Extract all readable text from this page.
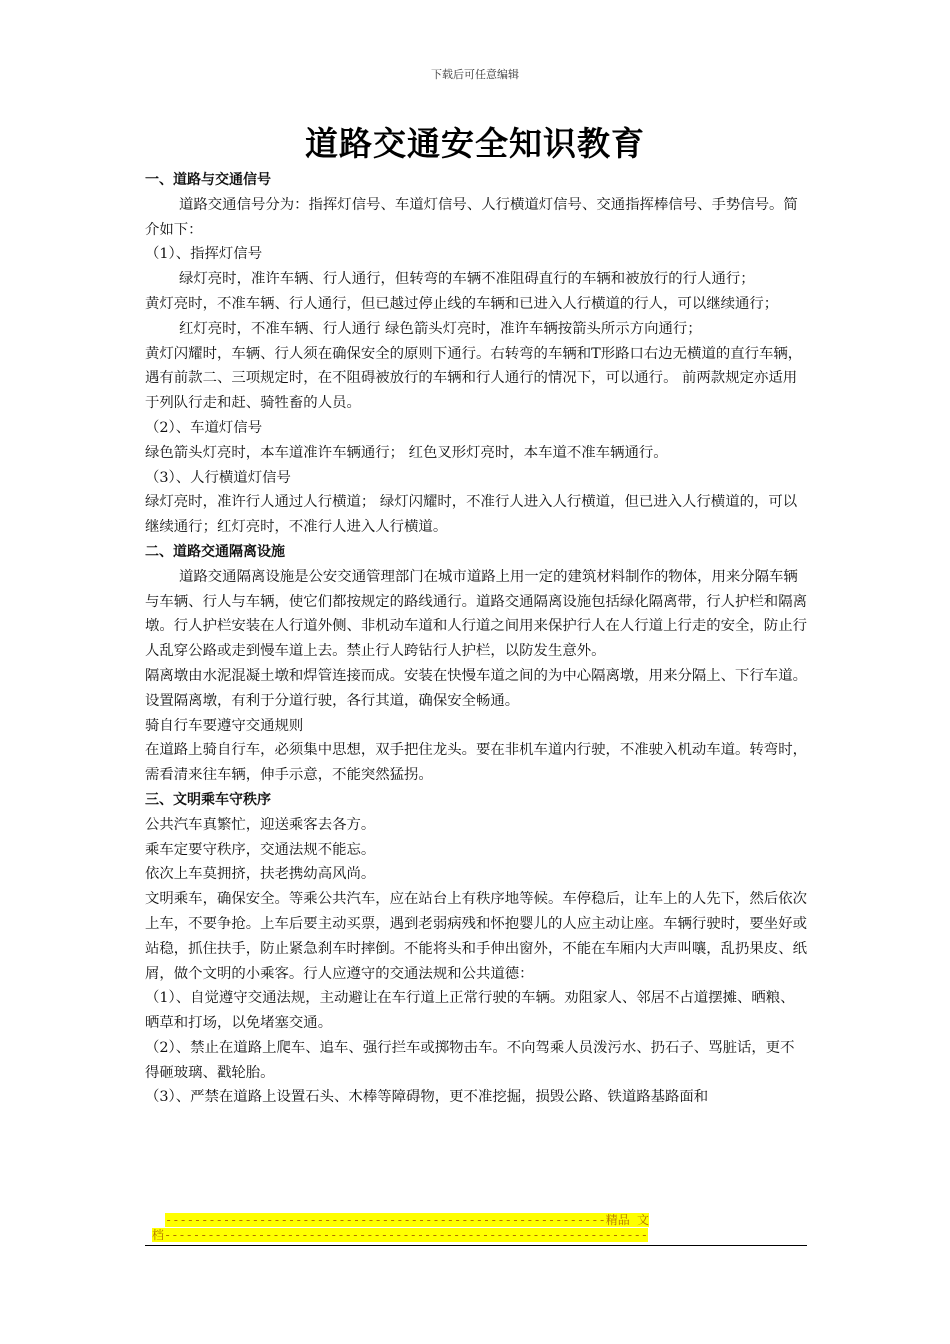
下载后可任意编辑
道路交通安全知识教育

一、道路与交通信号

道路交通信号分为：指挥灯信号、车道灯信号、人行横道灯信号、交通指挥棒信号、手势信号。简介如下：

（1）、指挥灯信号

绿灯亮时，准许车辆、行人通行，但转弯的车辆不准阻碍直行的车辆和被放行的行人通行；

黄灯亮时，不准车辆、行人通行，但已越过停止线的车辆和已进入人行横道的行人，可以继续通行；

红灯亮时，不准车辆、行人通行 绿色箭头灯亮时，准许车辆按箭头所示方向通行；

黄灯闪耀时，车辆、行人须在确保安全的原则下通行。右转弯的车辆和T形路口右边无横道的直行车辆，遇有前款二、三项规定时，在不阻碍被放行的车辆和行人通行的情况下，可以通行。 前两款规定亦适用于列队行走和赶、骑牲畜的人员。

（2）、车道灯信号

绿色箭头灯亮时，本车道准许车辆通行； 红色叉形灯亮时，本车道不准车辆通行。

（3）、人行横道灯信号

绿灯亮时，准许行人通过人行横道； 绿灯闪耀时，不准行人进入人行横道，但已进入人行横道的，可以继续通行；红灯亮时，不准行人进入人行横道。

二、道路交通隔离设施

道路交通隔离设施是公安交通管理部门在城市道路上用一定的建筑材料制作的物体，用来分隔车辆与车辆、行人与车辆，使它们都按规定的路线通行。道路交通隔离设施包括绿化隔离带，行人护栏和隔离墩。行人护栏安装在人行道外侧、非机动车道和人行道之间用来保护行人在人行道上行走的安全，防止行人乱穿公路或走到慢车道上去。禁止行人跨钻行人护栏，以防发生意外。

隔离墩由水泥混凝土墩和焊管连接而成。安装在快慢车道之间的为中心隔离墩，用来分隔上、下行车道。设置隔离墩，有利于分道行驶，各行其道，确保安全畅通。

骑自行车要遵守交通规则

在道路上骑自行车，必须集中思想，双手把住龙头。要在非机车道内行驶，不准驶入机动车道。转弯时，需看清来往车辆，伸手示意，不能突然猛拐。

三、文明乘车守秩序

公共汽车真繁忙，迎送乘客去各方。

乘车定要守秩序，交通法规不能忘。

依次上车莫拥挤，扶老携幼高风尚。

文明乘车，确保安全。等乘公共汽车，应在站台上有秩序地等候。车停稳后，让车上的人先下，然后依次上车，不要争抢。上车后要主动买票，遇到老弱病残和怀抱婴儿的人应主动让座。车辆行驶时，要坐好或站稳，抓住扶手，防止紧急刹车时摔倒。不能将头和手伸出窗外，不能在车厢内大声叫嚷，乱扔果皮、纸屑，做个文明的小乘客。行人应遵守的交通法规和公共道德：

（1）、自觉遵守交通法规，主动避让在车行道上正常行驶的车辆。劝阻家人、邻居不占道摆摊、晒粮、晒草和打场，以免堵塞交通。

（2）、禁止在道路上爬车、追车、强行拦车或掷物击车。不向驾乘人员泼污水、扔石子、骂脏话，更不得砸玻璃、戳轮胎。

（3）、严禁在道路上设置石头、木棒等障碍物，更不准挖掘，损毁公路、铁道路基路面和

-------------------------------------------------------------精品 文
档-------------------------------------------------------------------
